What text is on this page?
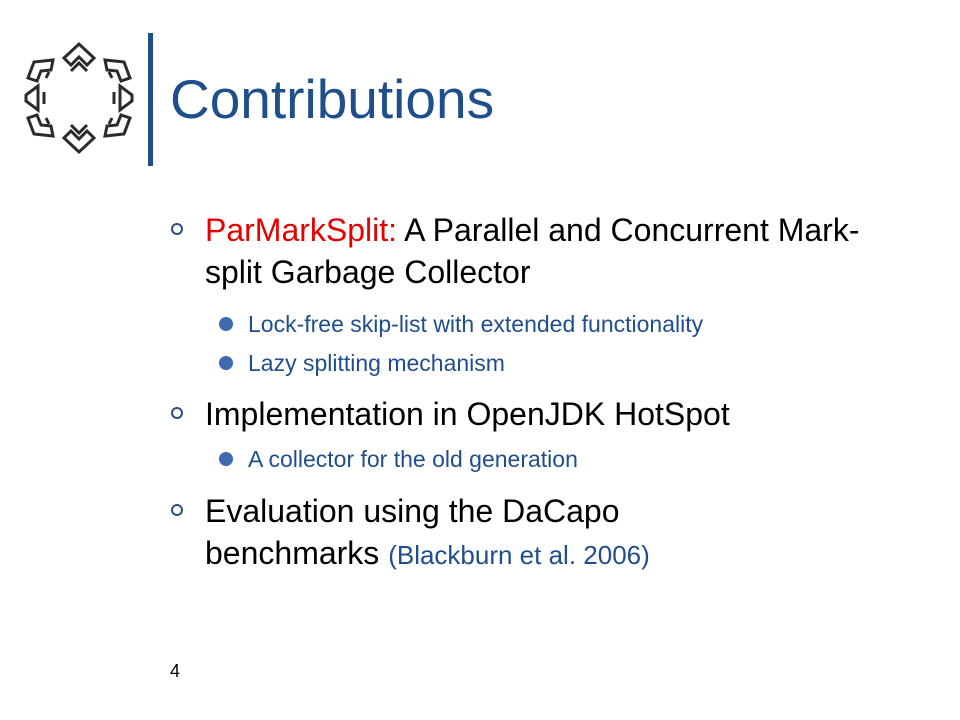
Contributions
ParMarkSplit: A Parallel and Concurrent Mark-split Garbage Collector
Lock-free skip-list with extended functionality
Lazy splitting mechanism
Implementation in OpenJDK HotSpot
A collector for the old generation
Evaluation using the DaCapo benchmarks (Blackburn et al. 2006)
4
